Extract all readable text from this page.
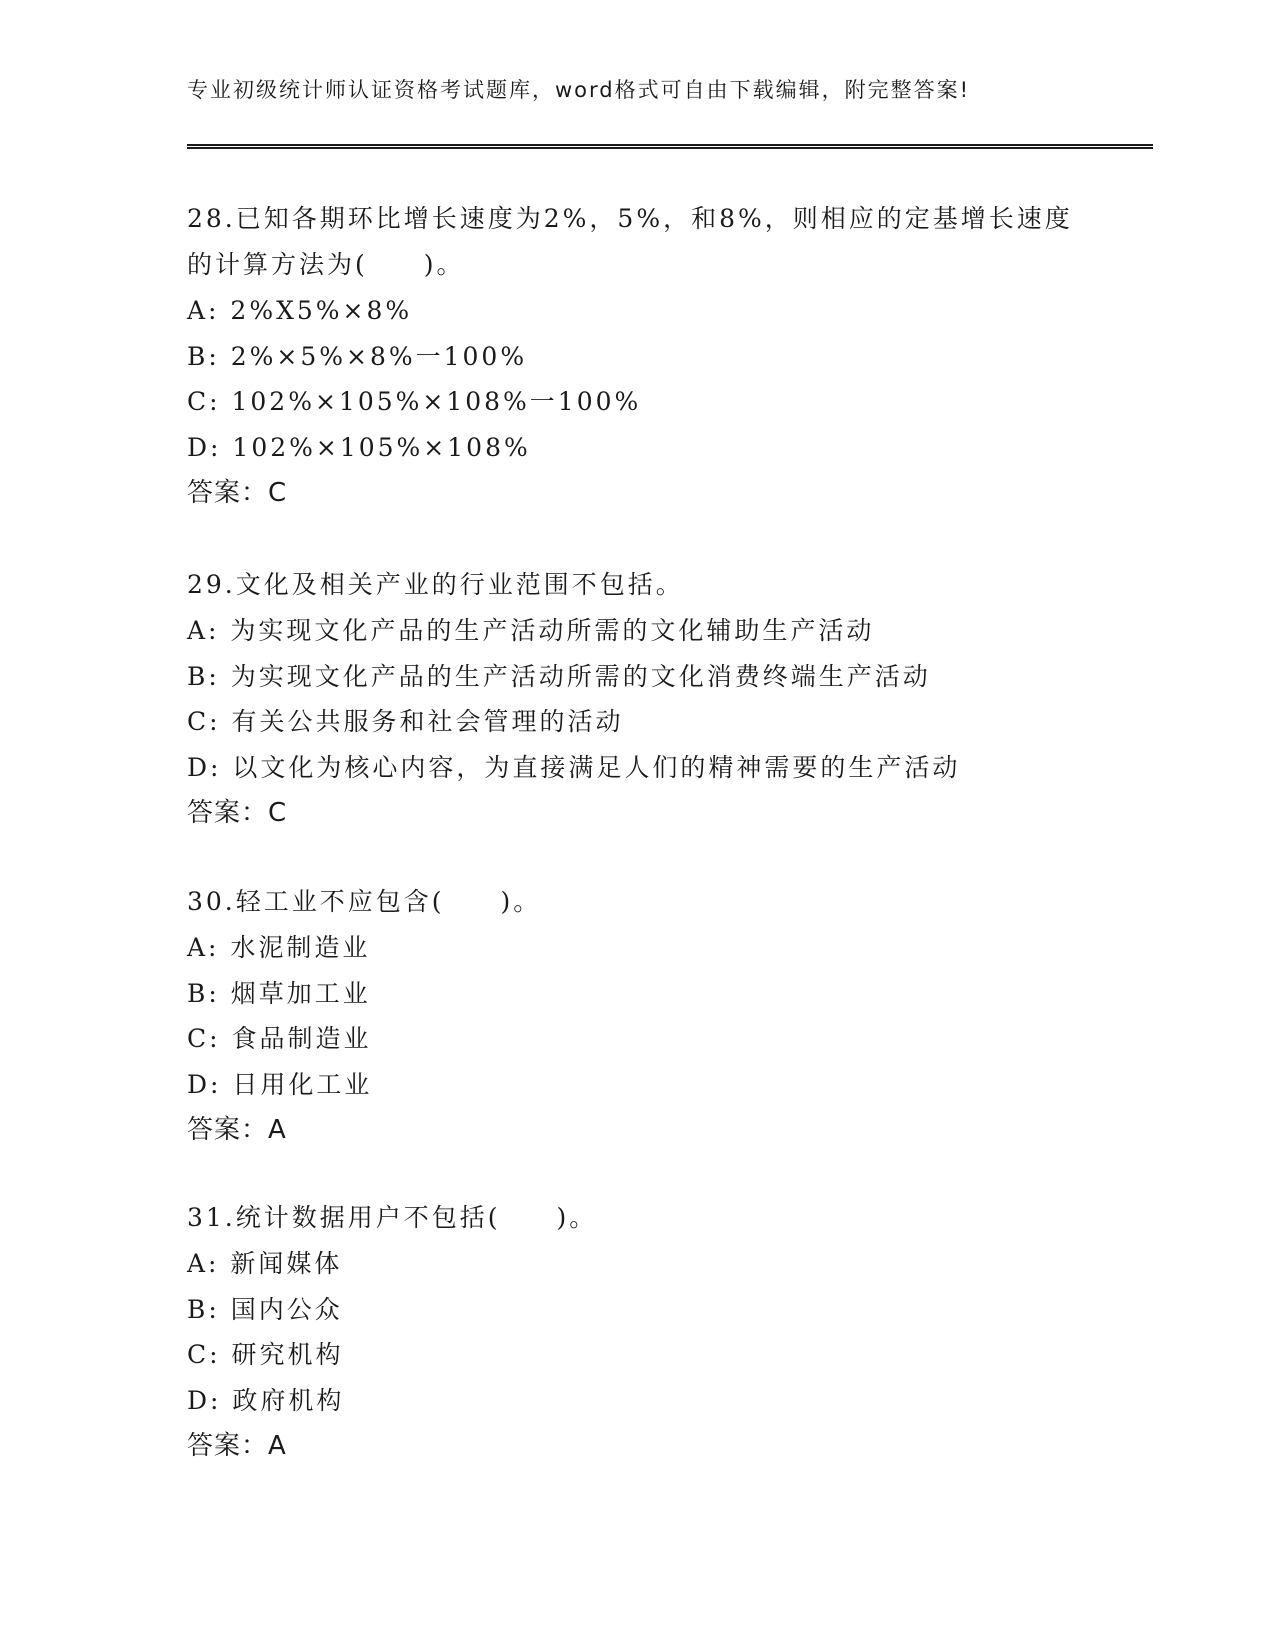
专业初级统计师认证资格考试题库，word格式可自由下载编辑，附完整答案!

28.已知各期环比增长速度为2%，5%，和8%，则相应的定基增长速度的计算方法为(　　)。

A: 2%X5%×8%
B: 2%×5%×8%一100%
C: 102%×105%×108%一100%
D: 102%×105%×108%
答案：C

29.文化及相关产业的行业范围不包括。

A: 为实现文化产品的生产活动所需的文化辅助生产活动
B: 为实现文化产品的生产活动所需的文化消费终端生产活动
C: 有关公共服务和社会管理的活动
D: 以文化为核心内容，为直接满足人们的精神需要的生产活动
答案：C

30.轻工业不应包含(　　)。

A: 水泥制造业
B: 烟草加工业
C: 食品制造业
D: 日用化工业
答案：A

31.统计数据用户不包括(　　)。

A: 新闻媒体
B: 国内公众
C: 研究机构
D: 政府机构
答案：A
